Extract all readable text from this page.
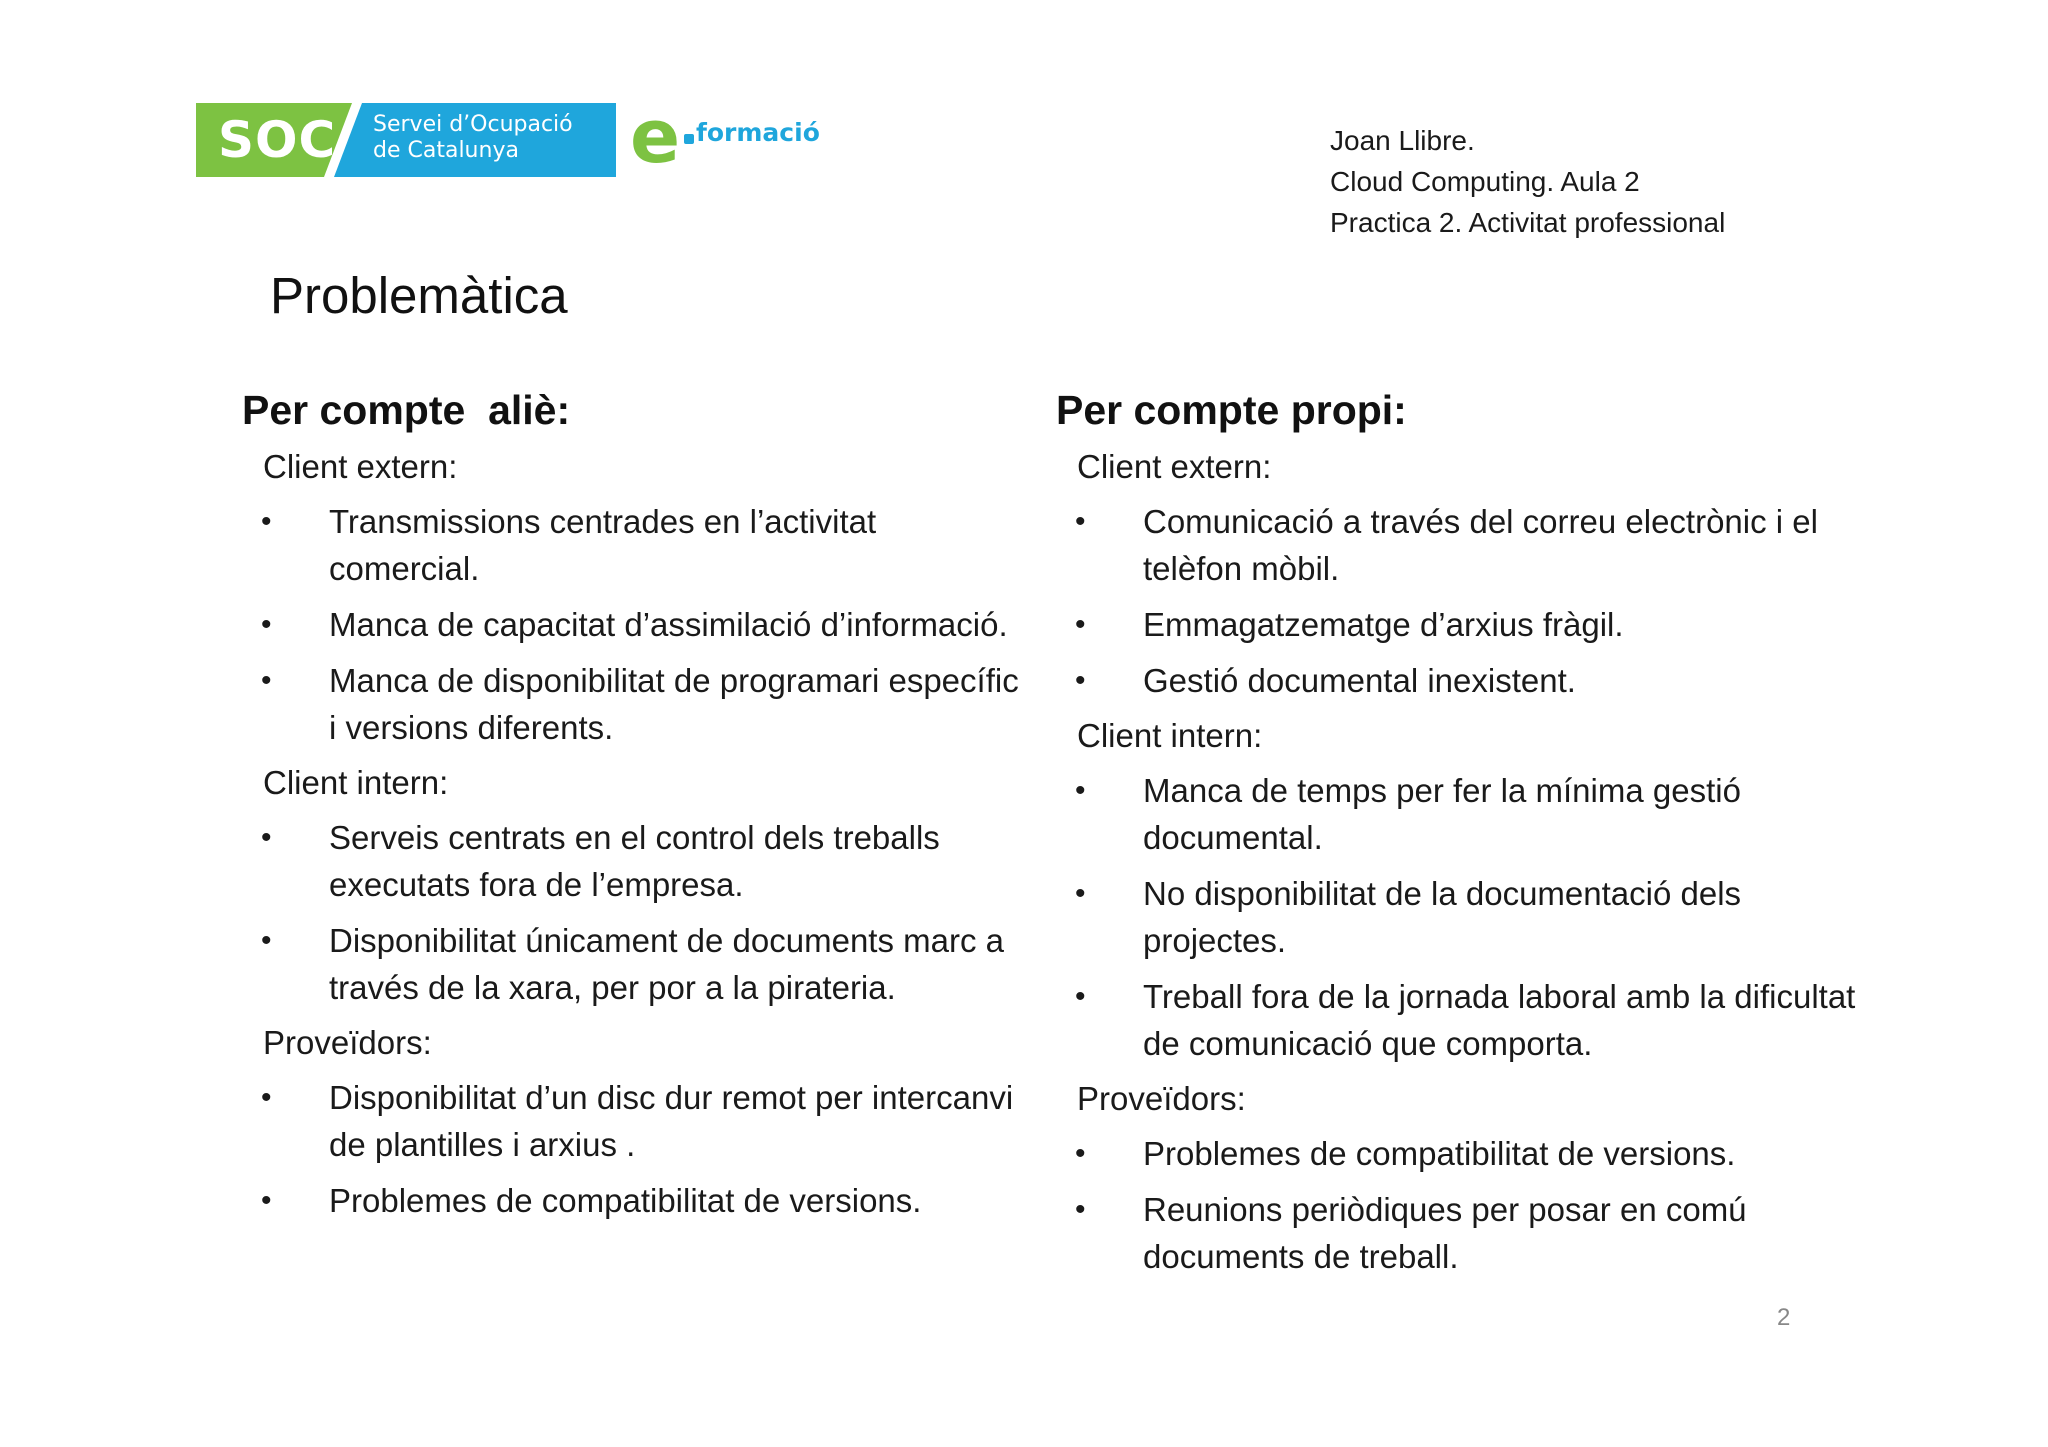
SOC Servei d’Ocupació
de Catalunya	e formació	Joan Llibre.
Cloud Computing. Aula 2
Practica 2. Activitat professional
Problemàtica
Per compte  aliè:
Client extern:
• Transmissions centrades en l’activitat comercial.
• Manca de capacitat d’assimilació d’informació.
• Manca de disponibilitat de programari específic i versions diferents.
Client intern:
• Serveis centrats en el control dels treballs executats fora de l’empresa.
• Disponibilitat únicament de documents marc a través de la xara, per por a la pirateria.
Proveïdors:
• Disponibilitat d’un disc dur remot per intercanvi de plantilles i arxius .
• Problemes de compatibilitat de versions.
Per compte propi:
Client extern:
• Comunicació a través del correu electrònic i el telèfon mòbil.
• Emmagatzematge d’arxius fràgil.
• Gestió documental inexistent.
Client intern:
• Manca de temps per fer la mínima gestió documental.
• No disponibilitat de la documentació dels projectes.
• Treball fora de la jornada laboral amb la dificultat de comunicació que comporta.
Proveïdors:
• Problemes de compatibilitat de versions.
• Reunions periòdiques per posar en comú documents de treball.
2
